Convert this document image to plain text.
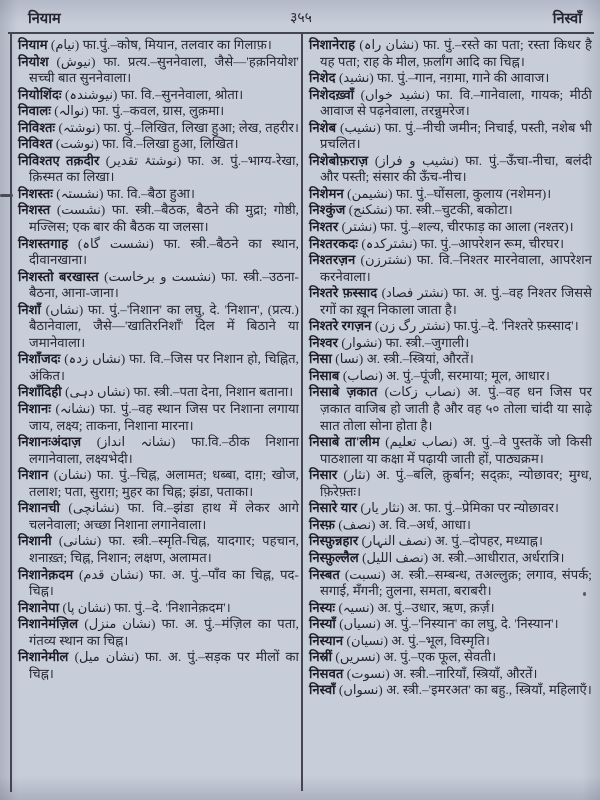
नियाम	३५५	निस्वाँ

नियाम (نیام) फा.पुं.–कोष, मियान, तलवार का गिलाफ़।

नियोश (نیوش) फा. प्रत्य.–सुननेवाला, जैसे—'हक़नियोश' सच्ची बात सुननेवाला।

नियोशिंदः (نیوشندہ) फा. वि.–सुननेवाला, श्रोता।

निवालः (نوالہ) फा. पुं.–कवल, ग्रास, लुक़मा।

निविश्तः (نوشتہ) फा. पुं.–लिखित, लिखा हुआ; लेख, तहरीर।

निविश्त (نوشت) फा. वि.–लिखा हुआ, लिखित।

निविश्तए तक़दीर (نوشتۂ تقدیر) फा. अ. पुं.–भाग्य-रेखा, क़िस्मत का लिखा।

निशस्तः (نشستہ) फा. वि.–बैठा हुआ।

निशस्त (نشست) फा. स्त्री.–बैठक, बैठने की मुद्रा; गोष्ठी, मज्लिस; एक बार की बैठक या जलसा।

निशस्तगाह (نشست گاہ) फा. स्त्री.–बैठने का स्थान, दीवानखाना।

निशस्तो बरखास्त (نشست و برخاست) फा. स्त्री.–उठना-बैठना, आना-जाना।

निशाँ (نشاں) फा. पुं.–'निशान' का लघु, दे. 'निशान', (प्रत्य.) बैठानेवाला, जैसे—'खातिरनिशाँ' दिल में बिठाने या जमानेवाला।

निशाँजदः (نشاں زدہ) फा. वि.–जिस पर निशान हो, चिह्नित, अंकित।

निशाँदिही (نشاں دہی) फा. स्त्री.–पता देना, निशान बताना।

निशानः (نشانہ) फा. पुं.–वह स्थान जिस पर निशाना लगाया जाय, लक्ष्य; ताकना, निशाना मारना।

निशानःअंदाज़ (نشانہ انداز) फा.वि.–ठीक निशाना लगानेवाला, लक्ष्यभेदी।

निशान (نشان) फा. पुं.–चिह्न, अलामत; धब्बा, दाग़; खोज, तलाश; पता, सुराग़; मुहर का चिह्न; झंडा, पताका।

निशानची (نشانچی) फा. वि.–झंडा हाथ में लेकर आगे चलनेवाला; अच्छा निशाना लगानेवाला।

निशानी (نشانی) फा. स्त्री.–स्मृति-चिह्न, यादगार; पहचान, शनाख़्त; चिह्न, निशान; लक्षण, अलामत।

निशानेक़दम (نشان قدم) फा. अ. पुं.–पाँव का चिह्न, पद-चिह्न।

निशानेपा (نشان پا) फा. पुं.–दे. 'निशानेक़दम'।

निशानेमंज़िल (نشان منزل) फा. अ. पुं.–मंज़िल का पता, गंतव्य स्थान का चिह्न।

निशानेमील (نشان میل) फा. अ. पुं.–सड़क पर मीलों का चिह्न।

निशानेराह (نشان راہ) फा. पुं.–रस्ते का पता; रस्ता किधर है यह पता; राह के मील, फ़र्लांग आदि का चिह्न।

निशेद (نشید) फा. पुं.–गान, नग़मा, गाने की आवाज।

निशेदख़्वाँ (نشید خواں) फा. वि.–गानेवाला, गायक; मीठी आवाज से पढ़नेवाला, तरन्नुमरेज।

निशेब (نشیب) फा. पुं.–नीची जमीन; निचाई, पस्ती, नशेब भी प्रचलित।

निशेबोफ़राज़ (نشیب و فراز) फा. पुं.–ऊँचा-नीचा, बलंदी और पस्ती; संसार की ऊँच-नीच।

निशेमन (نشیمن) फा. पुं.–घोंसला, कुलाय (नशेमन)।

निश्कुंज (نشکنج) फा. स्त्री.–चुटकी, बकोटा।

निश्तर (نشتر) फा. पुं.–शल्य, चीरफाड़ का आला (नश्तर)।

निश्तरकदः (نشترکدہ) फा. पुं.–आपरेशन रूम, चीरघर।

निश्तरज़न (نشترزن) फा. वि.–निश्तर मारनेवाला, आपरेशन करनेवाला।

निश्तरे फ़स्साद (نشتر فصاد) फा. अ. पुं.–वह निश्तर जिससे रगों का ख़ून निकाला जाता है।

निश्तरे रगज़न (نشتر رگ زن) फा.पुं.–दे. 'निश्तरे फ़स्साद'।

निश्वर (نشوار) फा. स्त्री.–जुगाली।

निसा (نسا) अ. स्त्री.–स्त्रियां, औरतें।

निसाब (نصاب) अ. पुं.–पूंजी, सरमाया; मूल, आधार।

निसाबे ज़कात (نصاب زکات) अ. पुं.–वह धन जिस पर ज़कात वाजिब हो जाती है और वह ५० तोला चांदी या साढ़े सात तोला सोना होता है।

निसाबे ता'लीम (نصاب تعلیم) अ. पुं.–वे पुस्तकें जो किसी पाठशाला या कक्षा में पढ़ायी जाती हों, पाठ्यक्रम।

निसार (نثار) अ. पुं.–बलि, क़ुर्बान; सद्क़ः, न्योछावर; मुग्ध, फ़िरेफ़्तः।

निसारे यार (نثار یار) अ. फा. पुं.–प्रेमिका पर न्योछावर।

निस्फ़ (نصف) अ. वि.–अर्ध, आधा।

निस्फ़ुन्नहार (نصف النہار) अ. पुं.–दोपहर, मध्याह्न।

निस्फ़ुल्लैल (نصف اللیل) अ. स्त्री.–आधीरात, अर्धरात्रि।

निस्बत (نسبت) अ. स्त्री.–सम्बन्ध, तअल्लुक़; लगाव, संपर्क; सगाई, मँगनी; तुलना, समता, बराबरी।

निस्यः (نسیہ) अ. पुं.–उधार, ऋण, क़र्ज़।

निस्याँ (نسیاں) अ. पुं.–'निस्यान' का लघु, दे. 'निस्यान'।

निस्यान (نسیان) अ. पुं.–भूल, विस्मृति।

निस्रीं (نسریں) अ. पुं.–एक फूल, सेवती।

निसवत (نسوت) अ. स्त्री.–नारियाँ, स्त्रियाँ, औरतें।

निस्वाँ (نسواں) अ. स्त्री.–'इमरअत' का बहु., स्त्रियाँ, महिलाएँ।
